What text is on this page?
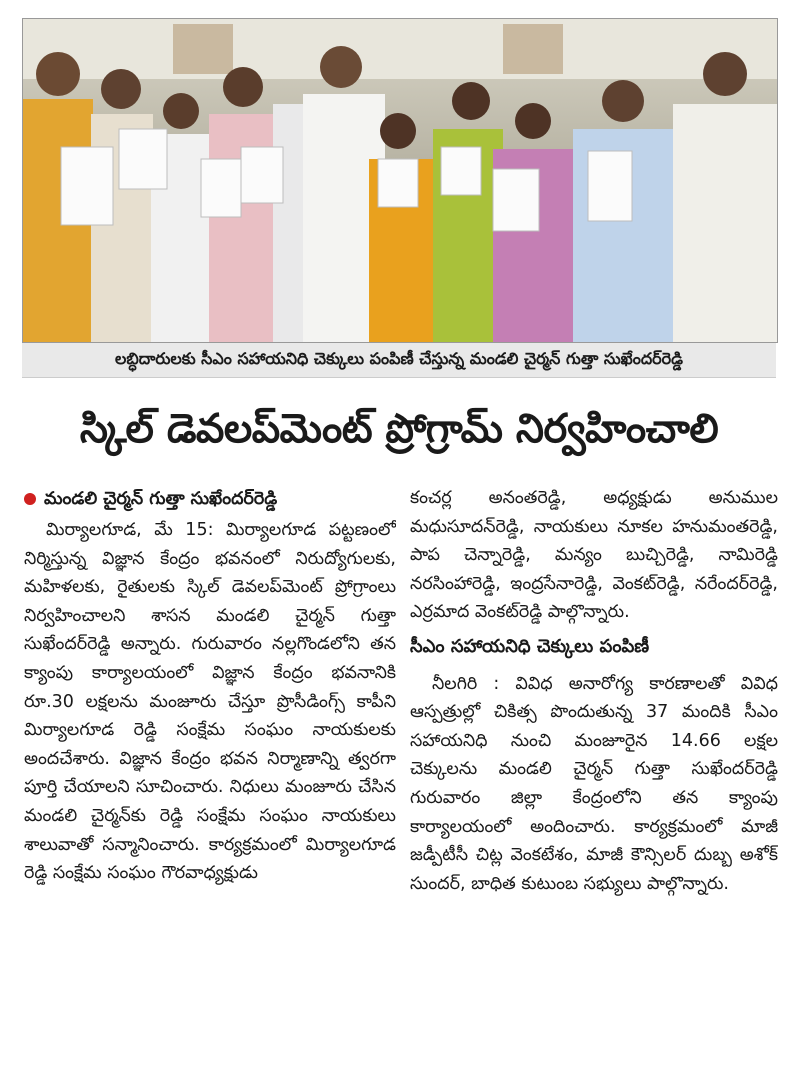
లబ్ధిదారులకు సీఎం సహాయనిధి చెక్కులు పంపిణీ చేస్తున్న మండలి చైర్మన్ గుత్తా సుఖేందర్‌రెడ్డి
స్కిల్ డెవలప్‌మెంట్ ప్రోగ్రామ్ నిర్వహించాలి
మండలి చైర్మన్ గుత్తా సుఖేందర్‌రెడ్డి

మిర్యాలగూడ, మే 15: మిర్యాలగూడ పట్టణంలో నిర్మిస్తున్న విజ్ఞాన కేంద్రం భవనంలో నిరుద్యోగులకు, మహిళలకు, రైతులకు స్కిల్ డెవలప్‌మెంట్ ప్రోగ్రాంలు నిర్వహించాలని శాసన మండలి చైర్మన్ గుత్తా సుఖేందర్‌రెడ్డి అన్నారు. గురువారం నల్లగొండలోని తన క్యాంపు కార్యాలయంలో విజ్ఞాన కేంద్రం భవనానికి రూ.30 లక్షలను మంజూరు చేస్తూ ప్రొసీడింగ్స్ కాపీని మిర్యాలగూడ రెడ్డి సంక్షేమ సంఘం నాయకులకు అందచేశారు. విజ్ఞాన కేంద్రం భవన నిర్మాణాన్ని త్వరగా పూర్తి చేయాలని సూచించారు. నిధులు మంజూరు చేసిన మండలి చైర్మన్‌కు రెడ్డి సంక్షేమ సంఘం నాయకులు శాలువాతో సన్మానించారు. కార్యక్రమంలో మిర్యాలగూడ రెడ్డి సంక్షేమ సంఘం గౌరవాధ్యక్షుడు

కంచర్ల అనంతరెడ్డి, అధ్యక్షుడు అనుముల మధుసూదన్‌రెడ్డి, నాయకులు నూకల హనుమంతరెడ్డి, పాప చెన్నారెడ్డి, మన్యం బుచ్చిరెడ్డి, నామిరెడ్డి నరసింహారెడ్డి, ఇంద్రసేనారెడ్డి, వెంకట్‌రెడ్డి, నరేందర్‌రెడ్డి, ఎర్రమాద వెంకట్‌రెడ్డి పాల్గొన్నారు.

సీఎం సహాయనిధి చెక్కులు పంపిణీ

నీలగిరి : వివిధ అనారోగ్య కారణాలతో వివిధ ఆస్పత్రుల్లో చికిత్స పొందుతున్న 37 మందికి సీఎం సహాయనిధి నుంచి మంజూరైన 14.66 లక్షల చెక్కులను మండలి చైర్మన్ గుత్తా సుఖేందర్‌రెడ్డి గురువారం జిల్లా కేంద్రంలోని తన క్యాంపు కార్యాలయంలో అందించారు. కార్యక్రమంలో మాజీ జడ్పీటీసీ చిట్ల వెంకటేశం, మాజీ కౌన్సిలర్ దుబ్బ అశోక్ సుందర్, బాధిత కుటుంబ సభ్యులు పాల్గొన్నారు.
